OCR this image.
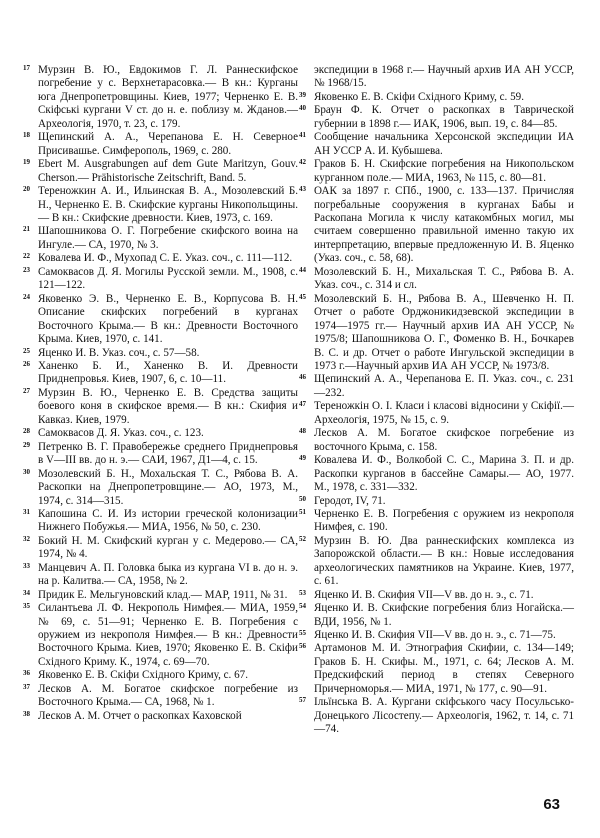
17 Мурзин В. Ю., Евдокимов Г. Л. Раннескифское погребение у с. Верхнетарасовка.— В кн.: Курганы юга Днепропетровщины. Киев, 1977; Черненко Е. В. Скіфські кургани V ст. до н. е. поблизу м. Жданов.— Археологія, 1970, т. 23, с. 179.
18 Щепинский А. А., Черепанова Е. Н. Северное Присивашье. Симферополь, 1969, с. 280.
19 Ebert M. Ausgrabungen auf dem Gute Maritzyn, Gouv. Cherson.— Prähistorische Zeitschrift, Band. 5.
20 Тереножкин А. И., Ильинская В. А., Мозолевский Б. Н., Черненко Е. В. Скифские курганы Никопольщины.— В кн.: Скифские древности. Киев, 1973, с. 169.
21 Шапошникова О. Г. Погребение скифского воина на Ингуле.— СА, 1970, № 3.
22 Ковалева И. Ф., Мухопад С. Е. Указ. соч., с. 111—112.
23 Самоквасов Д. Я. Могилы Русской земли. М., 1908, с. 121—122.
24 Яковенко Э. В., Черненко Е. В., Корпусова В. Н. Описание скифских погребений в курганах Восточного Крыма.— В кн.: Древности Восточного Крыма. Киев, 1970, с. 141.
25 Яценко И. В. Указ. соч., с. 57—58.
26 Ханенко Б. И., Ханенко В. И. Древности Приднепровья. Киев, 1907, 6, с. 10—11.
27 Мурзин В. Ю., Черненко Е. В. Средства защиты боевого коня в скифское время.— В кн.: Скифия и Кавказ. Киев, 1979.
28 Самоквасов Д. Я. Указ. соч., с. 123.
29 Петренко В. Г. Правобережье среднего Приднепровья в V—III вв. до н. э.— САИ, 1967, Д1—4, с. 15.
30 Мозолевский Б. Н., Мохальская Т. С., Рябова В. А. Раскопки на Днепропетровщине.— АО, 1973, М., 1974, с. 314—315.
31 Капошина С. И. Из истории греческой колонизации Нижнего Побужья.— МИА, 1956, № 50, с. 230.
32 Бокий Н. М. Скифский курган у с. Медерово.— СА, 1974, № 4.
33 Манцевич А. П. Головка быка из кургана VI в. до н. э. на р. Калитва.— СА, 1958, № 2.
34 Придик Е. Мельгуновский клад.— МАР, 1911, № 31.
35 Силантьева Л. Ф. Некрополь Нимфея.— МИА, 1959, № 69, с. 51—91; Черненко Е. В. Погребения с оружием из некрополя Нимфея.— В кн.: Древности Восточного Крыма. Киев, 1970; Яковенко Е. В. Скіфи Східного Криму. К., 1974, с. 69—70.
36 Яковенко Е. В. Скіфи Східного Криму, с. 67.
37 Лесков А. М. Богатое скифское погребение из Восточного Крыма.— СА, 1968, № 1.
38 Лесков А. М. Отчет о раскопках Каховской
экспедиции в 1968 г.— Научный архив ИА АН УССР, № 1968/15.
39 Яковенко Е. В. Скіфи Східного Криму, с. 59.
40 Браун Ф. К. Отчет о раскопках в Таврической губернии в 1898 г.— ИАК, 1906, вып. 19, с. 84—85.
41 Сообщение начальника Херсонской экспедиции ИА АН УССР А. И. Кубышева.
42 Граков Б. Н. Скифские погребения на Никопольском курганном поле.— МИА, 1963, № 115, с. 80—81.
43 ОАК за 1897 г. СПб., 1900, с. 133—137. Причисляя погребальные сооружения в курганах Бабы и Раскопана Могила к числу катакомбных могил, мы считаем совершенно правильной именно такую их интерпретацию, впервые предложенную И. В. Яценко (Указ. соч., с. 58, 68).
44 Мозолевский Б. Н., Михальская Т. С., Рябова В. А. Указ. соч., с. 314 и сл.
45 Мозолевский Б. Н., Рябова В. А., Шевченко Н. П. Отчет о работе Орджоникидзевской экспедиции в 1974—1975 гг.— Научный архив ИА АН УССР, № 1975/8; Шапошникова О. Г., Фоменко В. Н., Бочкарев В. С. и др. Отчет о работе Ингульской экспедиции в 1973 г.—Научный архив ИА АН УССР, № 1973/8.
46 Щепинский А. А., Черепанова Е. П. Указ. соч., с. 231—232.
47 Тереножкін О. І. Класи і класові відносини у Скіфії.— Археологія, 1975, № 15, с. 9.
48 Лесков А. М. Богатое скифское погребение из восточного Крыма, с. 158.
49 Ковалева И. Ф., Волкобой С. С., Марина З. П. и др. Раскопки курганов в бассейне Самары.— АО, 1977. М., 1978, с. 331—332.
50 Геродот, IV, 71.
51 Черненко Е. В. Погребения с оружием из некрополя Нимфея, с. 190.
52 Мурзин В. Ю. Два раннескифских комплекса из Запорожской области.— В кн.: Новые исследования археологических памятников на Украине. Киев, 1977, с. 61.
53 Яценко И. В. Скифия VII—V вв. до н. э., с. 71.
54 Яценко И. В. Скифские погребения близ Ногайска.— ВДИ, 1956, № 1.
55 Яценко И. В. Скифия VII—V вв. до н. э., с. 71—75.
56 Артамонов М. И. Этнография Скифии, с. 134—149; Граков Б. Н. Скифы. М., 1971, с. 64; Лесков А. М. Предскифский период в степях Северного Причерноморья.— МИА, 1971, № 177, с. 90—91.
57 Ільїнська В. А. Кургани скіфського часу Посульсько-Донецького Лісостепу.— Археологія, 1962, т. 14, с. 71—74.
63
